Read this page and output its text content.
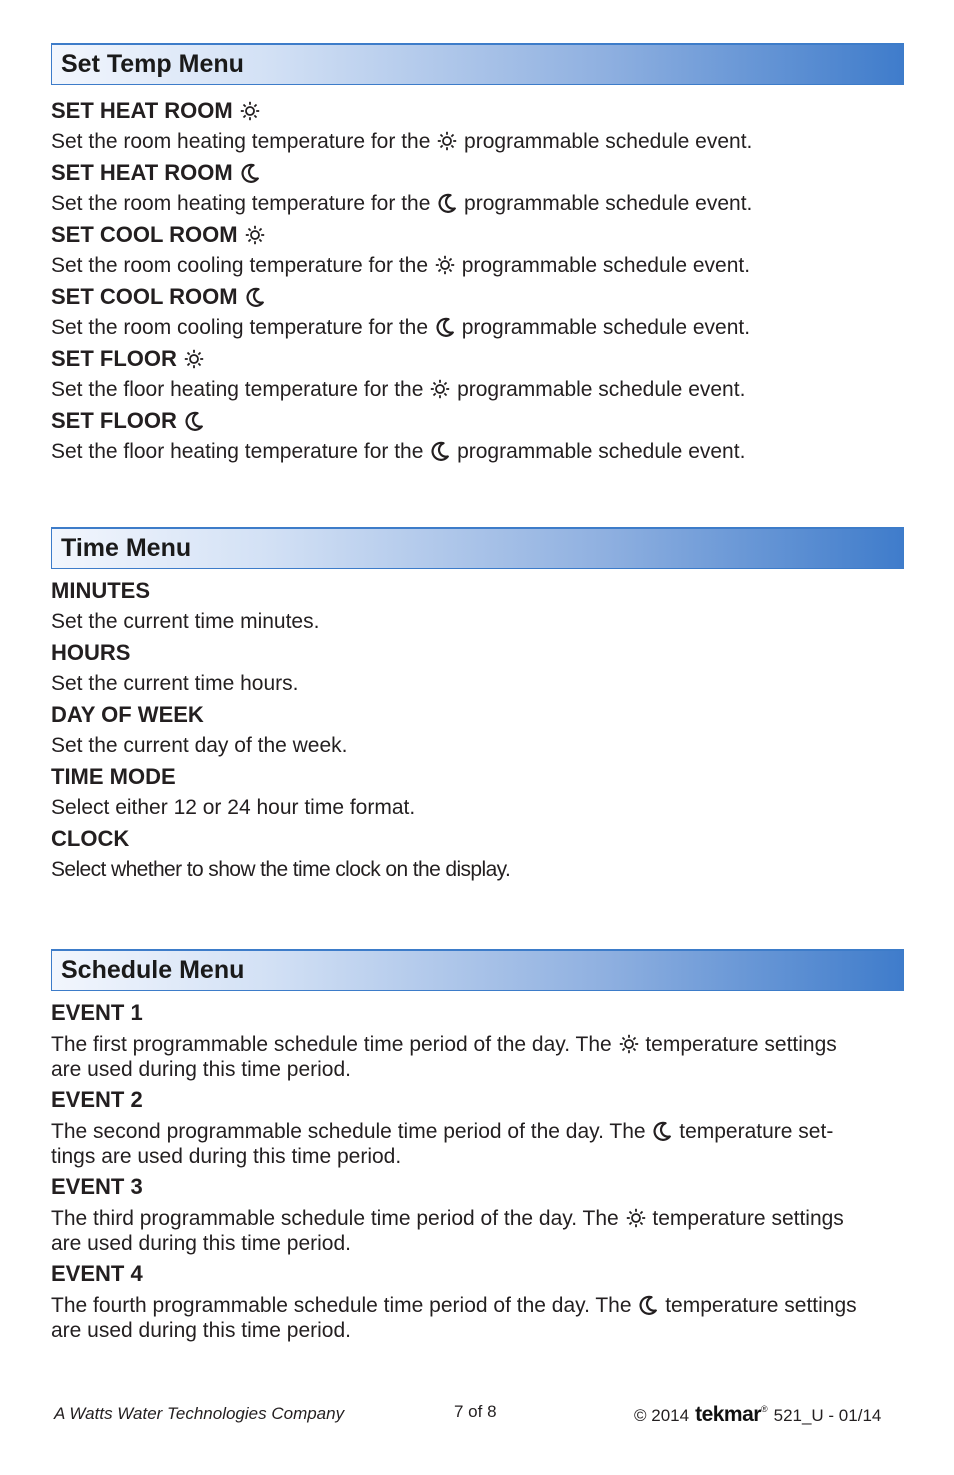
Set Temp Menu
SET HEAT ROOM
Set the room heating temperature for the  programmable schedule event.
SET HEAT ROOM
Set the room heating temperature for the  programmable schedule event.
SET COOL ROOM
Set the room cooling temperature for the  programmable schedule event.
SET COOL ROOM
Set the room cooling temperature for the  programmable schedule event.
SET FLOOR
Set the floor heating temperature for the  programmable schedule event.
SET FLOOR
Set the floor heating temperature for the  programmable schedule event.
Time Menu
MINUTES
Set the current time minutes.
HOURS
Set the current time hours.
DAY OF WEEK
Set the current day of the week.
TIME MODE
Select either 12 or 24 hour time format.
CLOCK
Select whether to show the time clock on the display.
Schedule Menu
EVENT 1
The first programmable schedule time period of the day. The  temperature settings
are used during this time period.
EVENT 2
The second programmable schedule time period of the day. The  temperature set-
tings are used during this time period.
EVENT 3
The third programmable schedule time period of the day. The  temperature settings
are used during this time period.
EVENT 4
The fourth programmable schedule time period of the day. The  temperature settings
are used during this time period.
A Watts Water Technologies Company	7 of 8	© 2014 tekmar® 521_U - 01/14
